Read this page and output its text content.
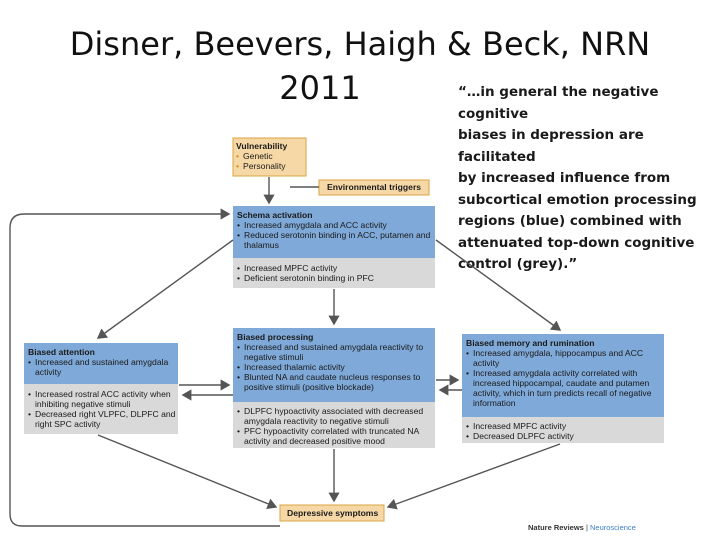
Disner, Beevers, Haigh & Beck, NRN
2011	“…in general the negative cognitive
biases in depression are facilitated
by increased influence from
subcortical emotion processing
regions (blue) combined with
attenuated top-down cognitive
control (grey).”
Vulnerability
• Genetic
• Personality
Environmental triggers
Schema activation
• Increased amygdala and ACC activity
• Reduced serotonin binding in ACC, putamen and thalamus
• Increased MPFC activity
• Deficient serotonin binding in PFC
Biased attention
• Increased and sustained amygdala activity
• Increased rostral ACC activity when inhibiting negative stimuli
• Decreased right VLPFC, DLPFC and right SPC activity
Biased processing
• Increased and sustained amygdala reactivity to negative stimuli
• Increased thalamic activity
• Blunted NA and caudate nucleus responses to positive stimuli (positive blockade)
• DLPFC hypoactivity associated with decreased amygdala reactivity to negative stimuli
• PFC hypoactivity correlated with truncated NA activity and decreased positive mood
Biased memory and rumination
• Increased amygdala, hippocampus and ACC activity
• Increased amygdala activity correlated with increased hippocampal, caudate and putamen activity, which in turn predicts recall of negative information
• Increased MPFC activity
• Decreased DLPFC activity
Depressive symptoms
Nature Reviews | Neuroscience
